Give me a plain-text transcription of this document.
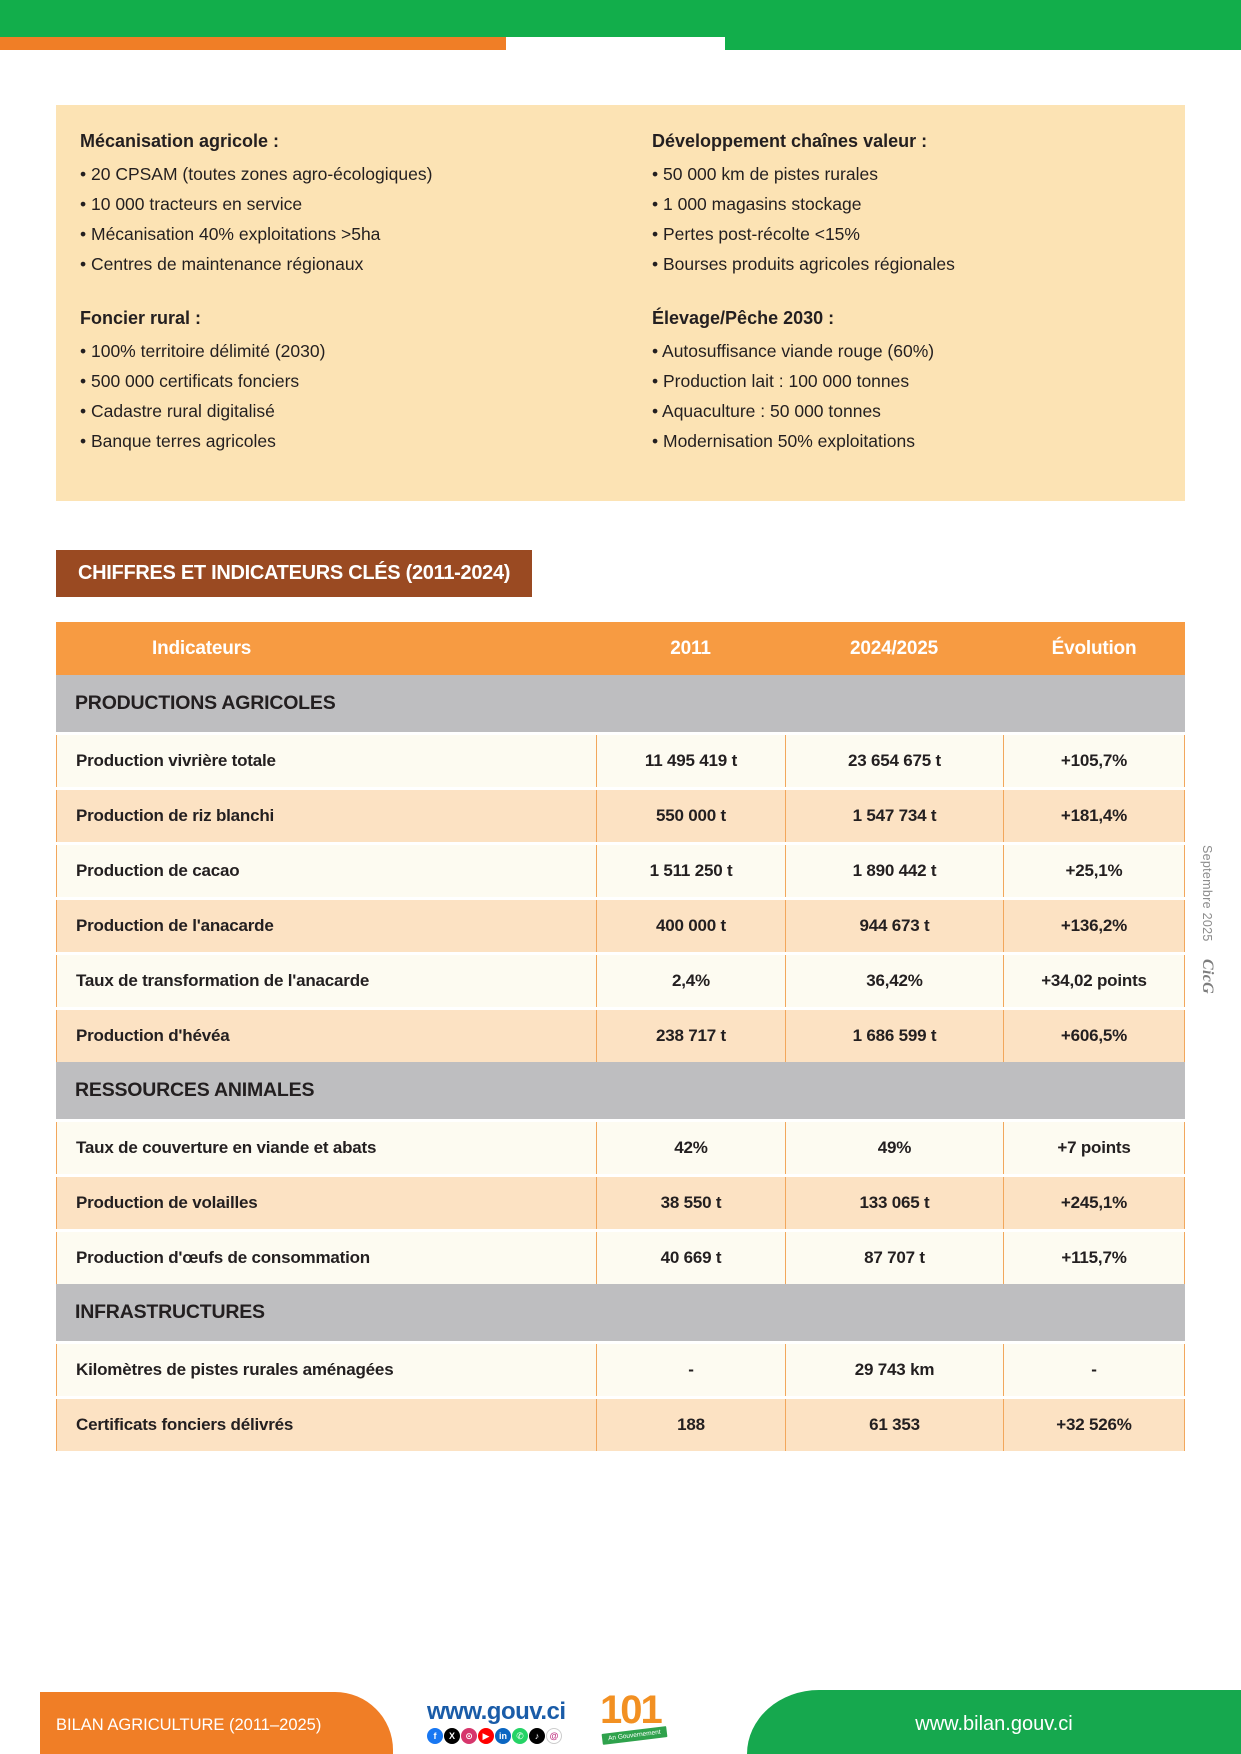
Mécanisation agricole :
• 20 CPSAM (toutes zones agro-écologiques)
• 10 000 tracteurs en service
• Mécanisation 40% exploitations >5ha
• Centres de maintenance régionaux
Foncier rural :
• 100% territoire délimité (2030)
• 500 000 certificats fonciers
• Cadastre rural digitalisé
• Banque terres agricoles
Développement chaînes valeur :
• 50 000 km de pistes rurales
• 1 000 magasins stockage
• Pertes post-récolte <15%
• Bourses produits agricoles régionales
Élevage/Pêche 2030 :
• Autosuffisance viande rouge (60%)
• Production lait : 100 000 tonnes
• Aquaculture : 50 000 tonnes
• Modernisation 50% exploitations
CHIFFRES ET INDICATEURS CLÉS (2011-2024)
Indicateurs	2011	2024/2025	Évolution
PRODUCTIONS AGRICOLES
Production vivrière totale	11 495 419 t	23 654 675 t	+105,7%
Production de riz blanchi	550 000 t	1 547 734 t	+181,4%
Production de cacao	1 511 250 t	1 890 442 t	+25,1%
Production de l'anacarde	400 000 t	944 673 t	+136,2%
Taux de transformation de l'anacarde	2,4%	36,42%	+34,02 points
Production d'hévéa	238 717 t	1 686 599 t	+606,5%
RESSOURCES ANIMALES
Taux de couverture en viande et abats	42%	49%	+7 points
Production de volailles	38 550 t	133 065 t	+245,1%
Production d'œufs de consommation	40 669 t	87 707 t	+115,7%
INFRASTRUCTURES
Kilomètres de pistes rurales aménagées	-	29 743 km	-
Certificats fonciers délivrés	188	61 353	+32 526%
Septembre 2025 CicG
BILAN AGRICULTURE (2011–2025)	www.gouv.ci
f	X	⊙	▶	in	✆	♪	@
101
An Gouvernement
www.bilan.gouv.ci
